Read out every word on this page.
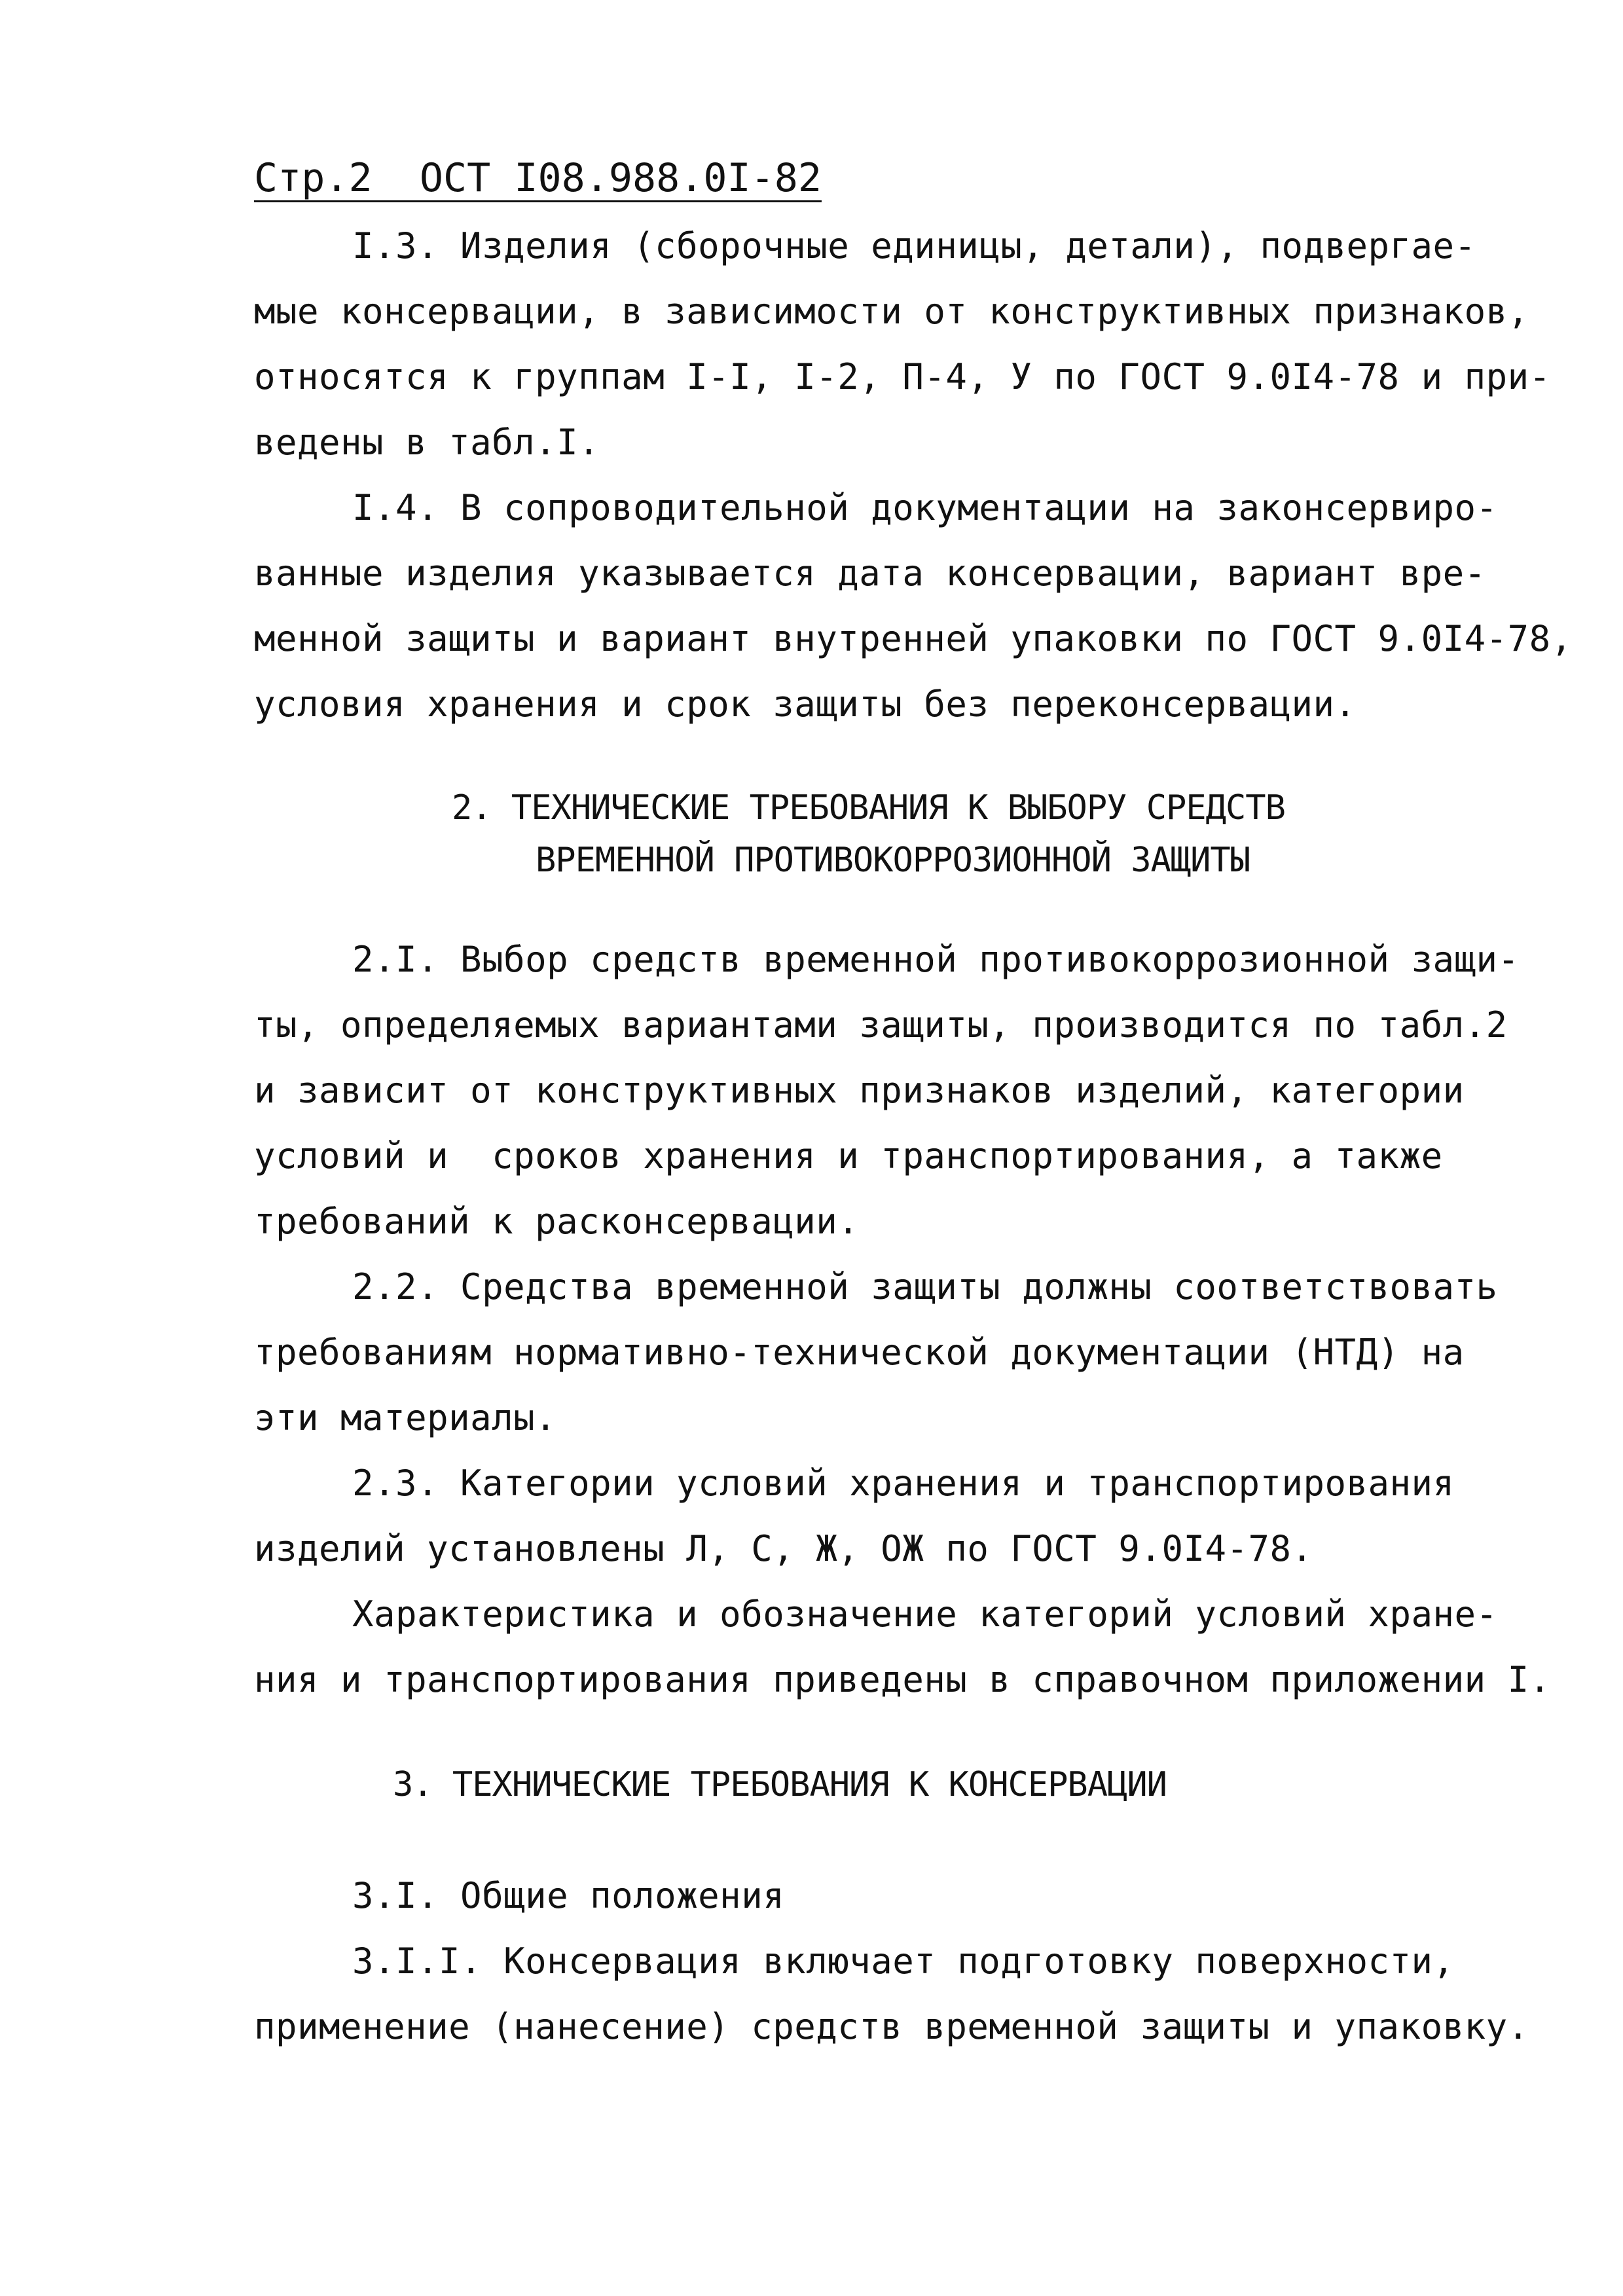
Стр.2  ОСТ I08.988.0I-82
I.3. Изделия (сборочные единицы, детали), подвергае-
мые консервации, в зависимости от конструктивных признаков,
относятся к группам I-I, I-2, П-4, У по ГОСТ 9.0I4-78 и при-
ведены в табл.I.
I.4. В сопроводительной документации на законсервиро-
ванные изделия указывается дата консервации, вариант вре-
менной защиты и вариант внутренней упаковки по ГОСТ 9.0I4-78,
условия хранения и срок защиты без переконсервации.
2. ТЕХНИЧЕСКИЕ ТРЕБОВАНИЯ К ВЫБОРУ СРЕДСТВ
ВРЕМЕННОЙ ПРОТИВОКОРРОЗИОННОЙ ЗАЩИТЫ
2.I. Выбор средств временной противокоррозионной защи-
ты, определяемых вариантами защиты, производится по табл.2
и зависит от конструктивных признаков изделий, категории
условий и  сроков хранения и транспортирования, а также
требований к расконсервации.
2.2. Средства временной защиты должны соответствовать
требованиям нормативно-технической документации (НТД) на
эти материалы.
2.3. Категории условий хранения и транспортирования
изделий установлены Л, С, Ж, ОЖ по ГОСТ 9.0I4-78.
Характеристика и обозначение категорий условий хране-
ния и транспортирования приведены в справочном приложении I.
3. ТЕХНИЧЕСКИЕ ТРЕБОВАНИЯ К КОНСЕРВАЦИИ
3.I. Общие положения
3.I.I. Консервация включает подготовку поверхности,
применение (нанесение) средств временной защиты и упаковку.
